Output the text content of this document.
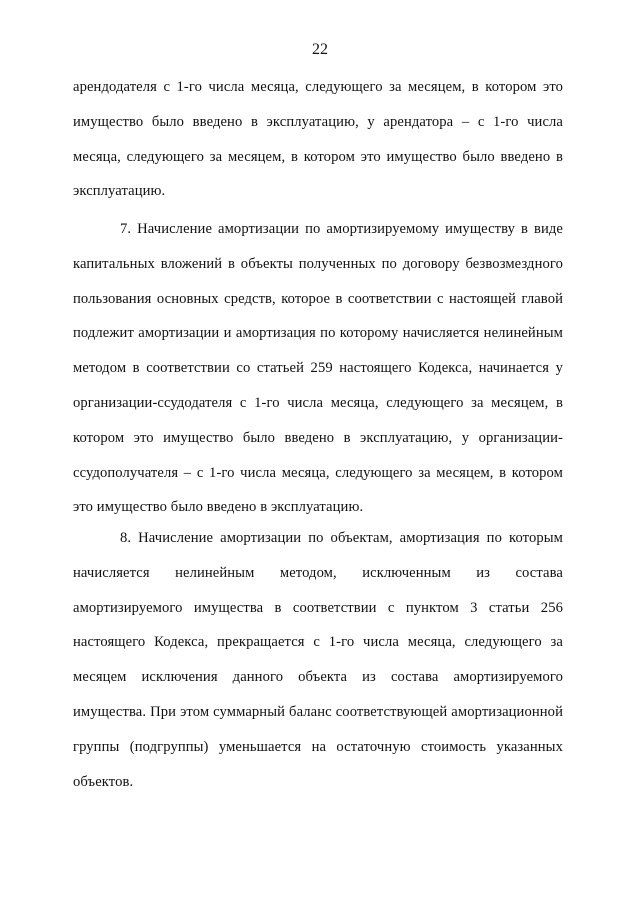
22

арендодателя с 1-го числа месяца, следующего за месяцем, в котором это имущество было введено в эксплуатацию, у арендатора – с 1-го числа месяца, следующего за месяцем, в котором это имущество было введено в эксплуатацию.

7. Начисление амортизации по амортизируемому имуществу в виде капитальных вложений в объекты полученных по договору безвозмездного пользования основных средств, которое в соответствии с настоящей главой подлежит амортизации и амортизация по которому начисляется нелинейным методом в соответствии со статьей 259 настоящего Кодекса, начинается у организации-ссудодателя с 1-го числа месяца, следующего за месяцем, в котором это имущество было введено в эксплуатацию, у организации-ссудополучателя – с 1-го числа месяца, следующего за месяцем, в котором это имущество было введено в эксплуатацию.

8. Начисление амортизации по объектам, амортизация по которым начисляется нелинейным методом, исключенным из состава амортизируемого имущества в соответствии с пунктом 3 статьи 256 настоящего Кодекса, прекращается с 1-го числа месяца, следующего за месяцем исключения данного объекта из состава амортизируемого имущества. При этом суммарный баланс соответствующей амортизационной группы (подгруппы) уменьшается на остаточную стоимость указанных объектов.
